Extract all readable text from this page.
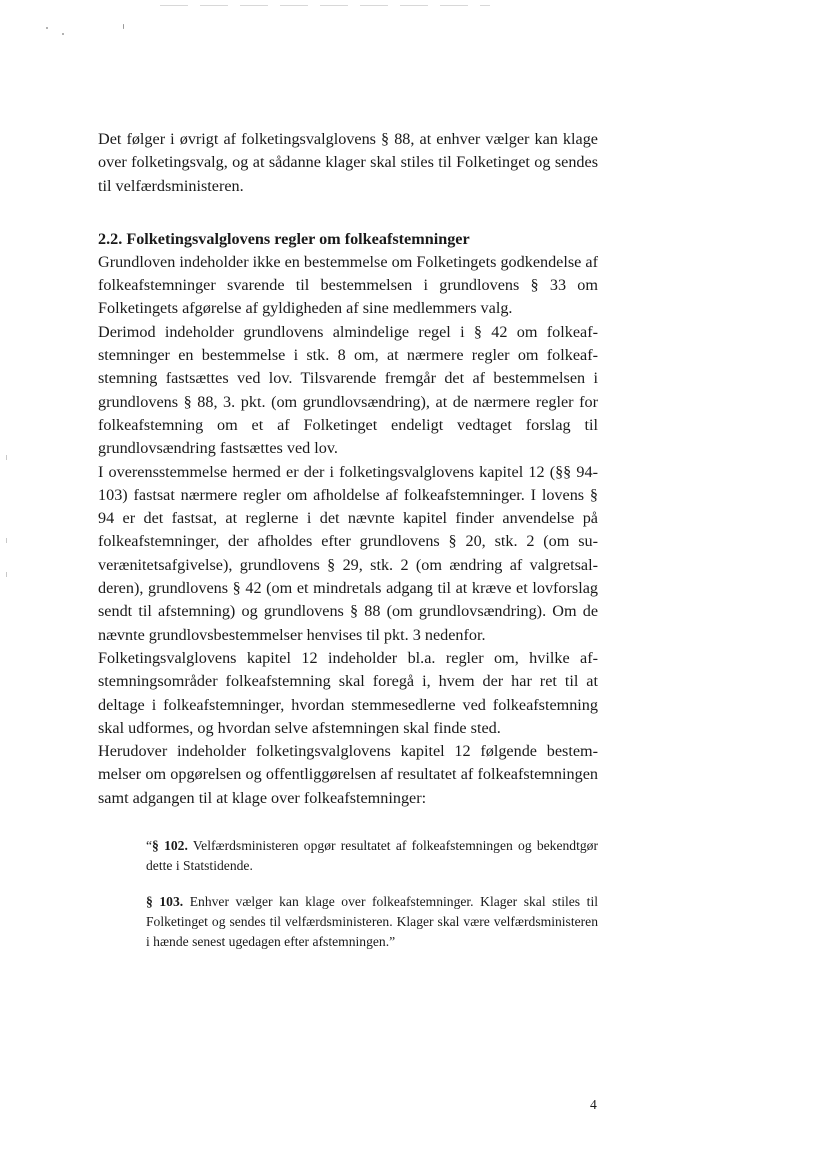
Det følger i øvrigt af folketingsvalglovens § 88, at enhver vælger kan klage over folketingsvalg, og at sådanne klager skal stiles til Folketinget og sendes til velfærdsministeren.

2.2. Folketingsvalglovens regler om folkeafstemninger

Grundloven indeholder ikke en bestemmelse om Folketingets godkendelse af folkeafstemninger svarende til bestemmelsen i grundlovens § 33 om Folketingets afgørelse af gyldigheden af sine medlemmers valg.

Derimod indeholder grundlovens almindelige regel i § 42 om folkeafstemninger en bestemmelse i stk. 8 om, at nærmere regler om folkeafstemning fastsættes ved lov. Tilsvarende fremgår det af bestemmelsen i grundlovens § 88, 3. pkt. (om grundlovsændring), at de nærmere regler for folkeafstemning om et af Folketinget endeligt vedtaget forslag til grundlovsændring fastsættes ved lov.

I overensstemmelse hermed er der i folketingsvalglovens kapitel 12 (§§ 94-103) fastsat nærmere regler om afholdelse af folkeafstemninger. I lovens § 94 er det fastsat, at reglerne i det nævnte kapitel finder anvendelse på folkeafstemninger, der afholdes efter grundlovens § 20, stk. 2 (om suverænitetsafgivelse), grundlovens § 29, stk. 2 (om ændring af valgretsalderen), grundlovens § 42 (om et mindretals adgang til at kræve et lovforslag sendt til afstemning) og grundlovens § 88 (om grundlovsændring). Om de nævnte grundlovsbestemmelser henvises til pkt. 3 nedenfor.

Folketingsvalglovens kapitel 12 indeholder bl.a. regler om, hvilke afstemningsområder folkeafstemning skal foregå i, hvem der har ret til at deltage i folkeafstemninger, hvordan stemmesedlerne ved folkeafstemning skal udformes, og hvordan selve afstemningen skal finde sted.

Herudover indeholder folketingsvalglovens kapitel 12 følgende bestemmelser om opgørelsen og offentliggørelsen af resultatet af folkeafstemningen samt adgangen til at klage over folkeafstemninger:

“§ 102. Velfærdsministeren opgør resultatet af folkeafstemningen og bekendtgør dette i Statstidende.

§ 103. Enhver vælger kan klage over folkeafstemninger. Klager skal stiles til Folketinget og sendes til velfærdsministeren. Klager skal være velfærdsministeren i hænde senest ugedagen efter afstemningen.”

4
